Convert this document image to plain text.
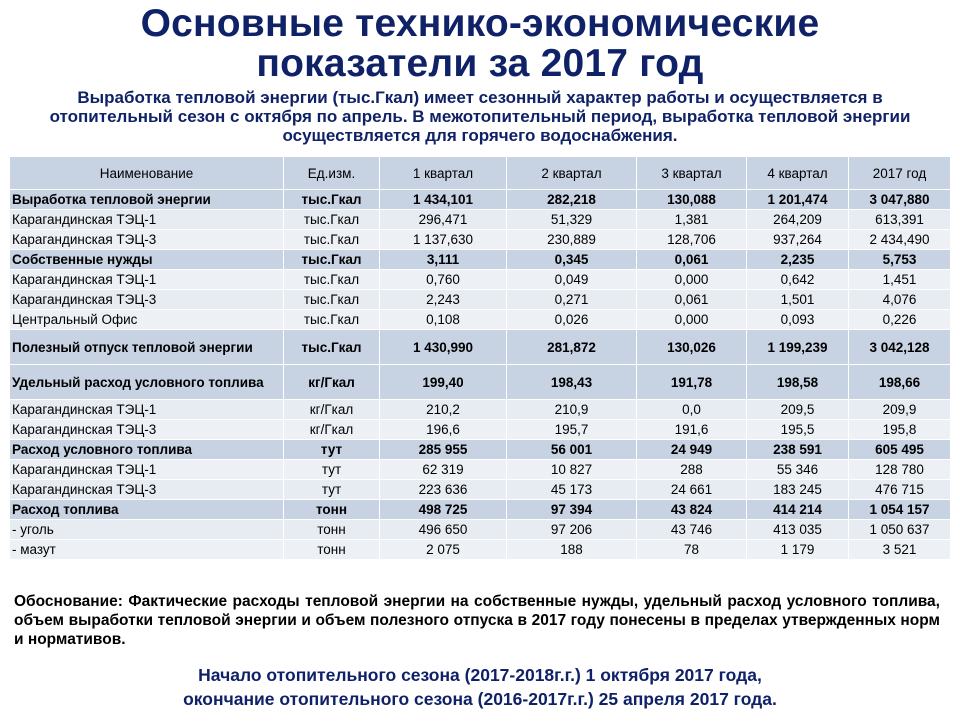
Основные технико-экономические
показатели за 2017 год
Выработка тепловой энергии (тыс.Гкал) имеет сезонный характер работы и осуществляется в отопительный сезон с октября по апрель. В межотопительный период, выработка тепловой энергии осуществляется для горячего водоснабжения.
Наименование	Ед.изм.	1 квартал	2 квартал	3 квартал	4 квартал	2017 год
Выработка тепловой энергии	тыс.Гкал	1 434,101	282,218	130,088	1 201,474	3 047,880
Карагандинская ТЭЦ-1	тыс.Гкал	296,471	51,329	1,381	264,209	613,391
Карагандинская ТЭЦ-3	тыс.Гкал	1 137,630	230,889	128,706	937,264	2 434,490
Собственные нужды	тыс.Гкал	3,111	0,345	0,061	2,235	5,753
Карагандинская ТЭЦ-1	тыс.Гкал	0,760	0,049	0,000	0,642	1,451
Карагандинская ТЭЦ-3	тыс.Гкал	2,243	0,271	0,061	1,501	4,076
Центральный Офис	тыс.Гкал	0,108	0,026	0,000	0,093	0,226
Полезный отпуск тепловой энергии	тыс.Гкал	1 430,990	281,872	130,026	1 199,239	3 042,128
Удельный расход условного топлива	кг/Гкал	199,40	198,43	191,78	198,58	198,66
Карагандинская ТЭЦ-1	кг/Гкал	210,2	210,9	0,0	209,5	209,9
Карагандинская ТЭЦ-3	кг/Гкал	196,6	195,7	191,6	195,5	195,8
Расход условного топлива	тут	285 955	56 001	24 949	238 591	605 495
Карагандинская ТЭЦ-1	тут	62 319	10 827	288	55 346	128 780
Карагандинская ТЭЦ-3	тут	223 636	45 173	24 661	183 245	476 715
Расход топлива	тонн	498 725	97 394	43 824	414 214	1 054 157
- уголь	тонн	496 650	97 206	43 746	413 035	1 050 637
- мазут	тонн	2 075	188	78	1 179	3 521
Обоснование: Фактические расходы тепловой энергии на собственные нужды, удельный расход условного топлива, объем выработки тепловой энергии и объем полезного отпуска в 2017 году понесены в пределах утвержденных норм и нормативов.
Начало отопительного сезона (2017-2018г.г.) 1 октября 2017 года,
окончание отопительного сезона (2016-2017г.г.) 25 апреля 2017 года.
